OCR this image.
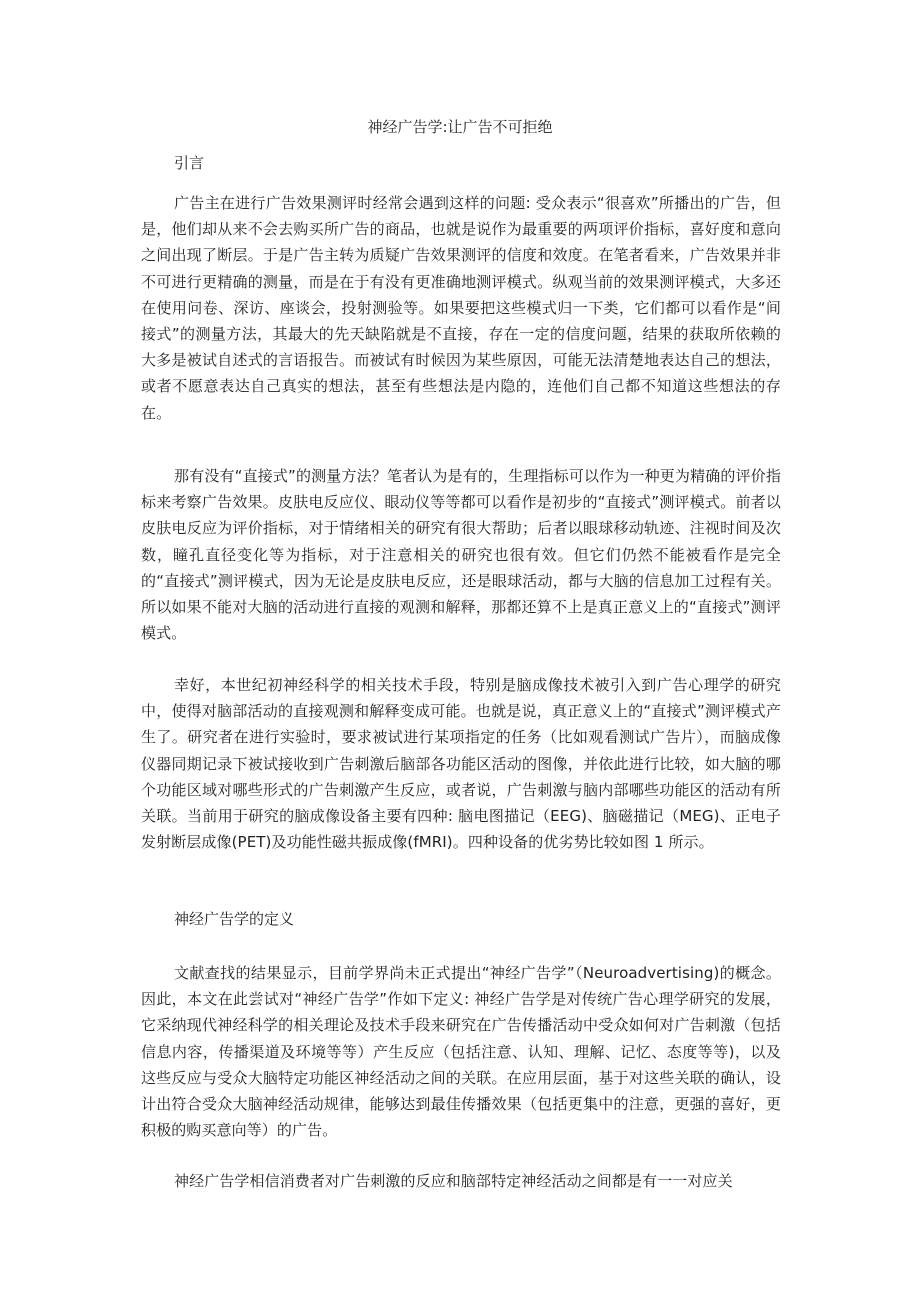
神经广告学:让广告不可拒绝
引言

广告主在进行广告效果测评时经常会遇到这样的问题: 受众表示“很喜欢”所播出的广告，但是，他们却从来不会去购买所广告的商品，也就是说作为最重要的两项评价指标，喜好度和意向之间出现了断层。于是广告主转为质疑广告效果测评的信度和效度。在笔者看来，广告效果并非不可进行更精确的测量，而是在于有没有更准确地测评模式。纵观当前的效果测评模式，大多还在使用问卷、深访、座谈会，投射测验等。如果要把这些模式归一下类，它们都可以看作是“间接式”的测量方法，其最大的先天缺陷就是不直接，存在一定的信度问题，结果的获取所依赖的大多是被试自述式的言语报告。而被试有时候因为某些原因，可能无法清楚地表达自己的想法，或者不愿意表达自己真实的想法，甚至有些想法是内隐的，连他们自己都不知道这些想法的存在。

那有没有“直接式”的测量方法？笔者认为是有的，生理指标可以作为一种更为精确的评价指标来考察广告效果。皮肤电反应仪、眼动仪等等都可以看作是初步的“直接式”测评模式。前者以皮肤电反应为评价指标，对于情绪相关的研究有很大帮助；后者以眼球移动轨迹、注视时间及次数，瞳孔直径变化等为指标，对于注意相关的研究也很有效。但它们仍然不能被看作是完全的“直接式”测评模式，因为无论是皮肤电反应，还是眼球活动，都与大脑的信息加工过程有关。所以如果不能对大脑的活动进行直接的观测和解释，那都还算不上是真正意义上的“直接式”测评模式。

幸好，本世纪初神经科学的相关技术手段，特别是脑成像技术被引入到广告心理学的研究中，使得对脑部活动的直接观测和解释变成可能。也就是说，真正意义上的“直接式”测评模式产生了。研究者在进行实验时，要求被试进行某项指定的任务（比如观看测试广告片），而脑成像仪器同期记录下被试接收到广告刺激后脑部各功能区活动的图像，并依此进行比较，如大脑的哪个功能区域对哪些形式的广告刺激产生反应，或者说，广告刺激与脑内部哪些功能区的活动有所关联。当前用于研究的脑成像设备主要有四种: 脑电图描记（EEG)、脑磁描记（MEG)、正电子发射断层成像(PET)及功能性磁共振成像(fMRI)。四种设备的优劣势比较如图 1 所示。

神经广告学的定义

文献查找的结果显示，目前学界尚未正式提出“神经广告学”（Neuroadvertising)的概念。因此，本文在此尝试对“神经广告学”作如下定义: 神经广告学是对传统广告心理学研究的发展，它采纳现代神经科学的相关理论及技术手段来研究在广告传播活动中受众如何对广告刺激（包括信息内容，传播渠道及环境等等）产生反应（包括注意、认知、理解、记忆、态度等等)，以及这些反应与受众大脑特定功能区神经活动之间的关联。在应用层面，基于对这些关联的确认，设计出符合受众大脑神经活动规律，能够达到最佳传播效果（包括更集中的注意，更强的喜好，更积极的购买意向等）的广告。

神经广告学相信消费者对广告刺激的反应和脑部特定神经活动之间都是有一一对应关
